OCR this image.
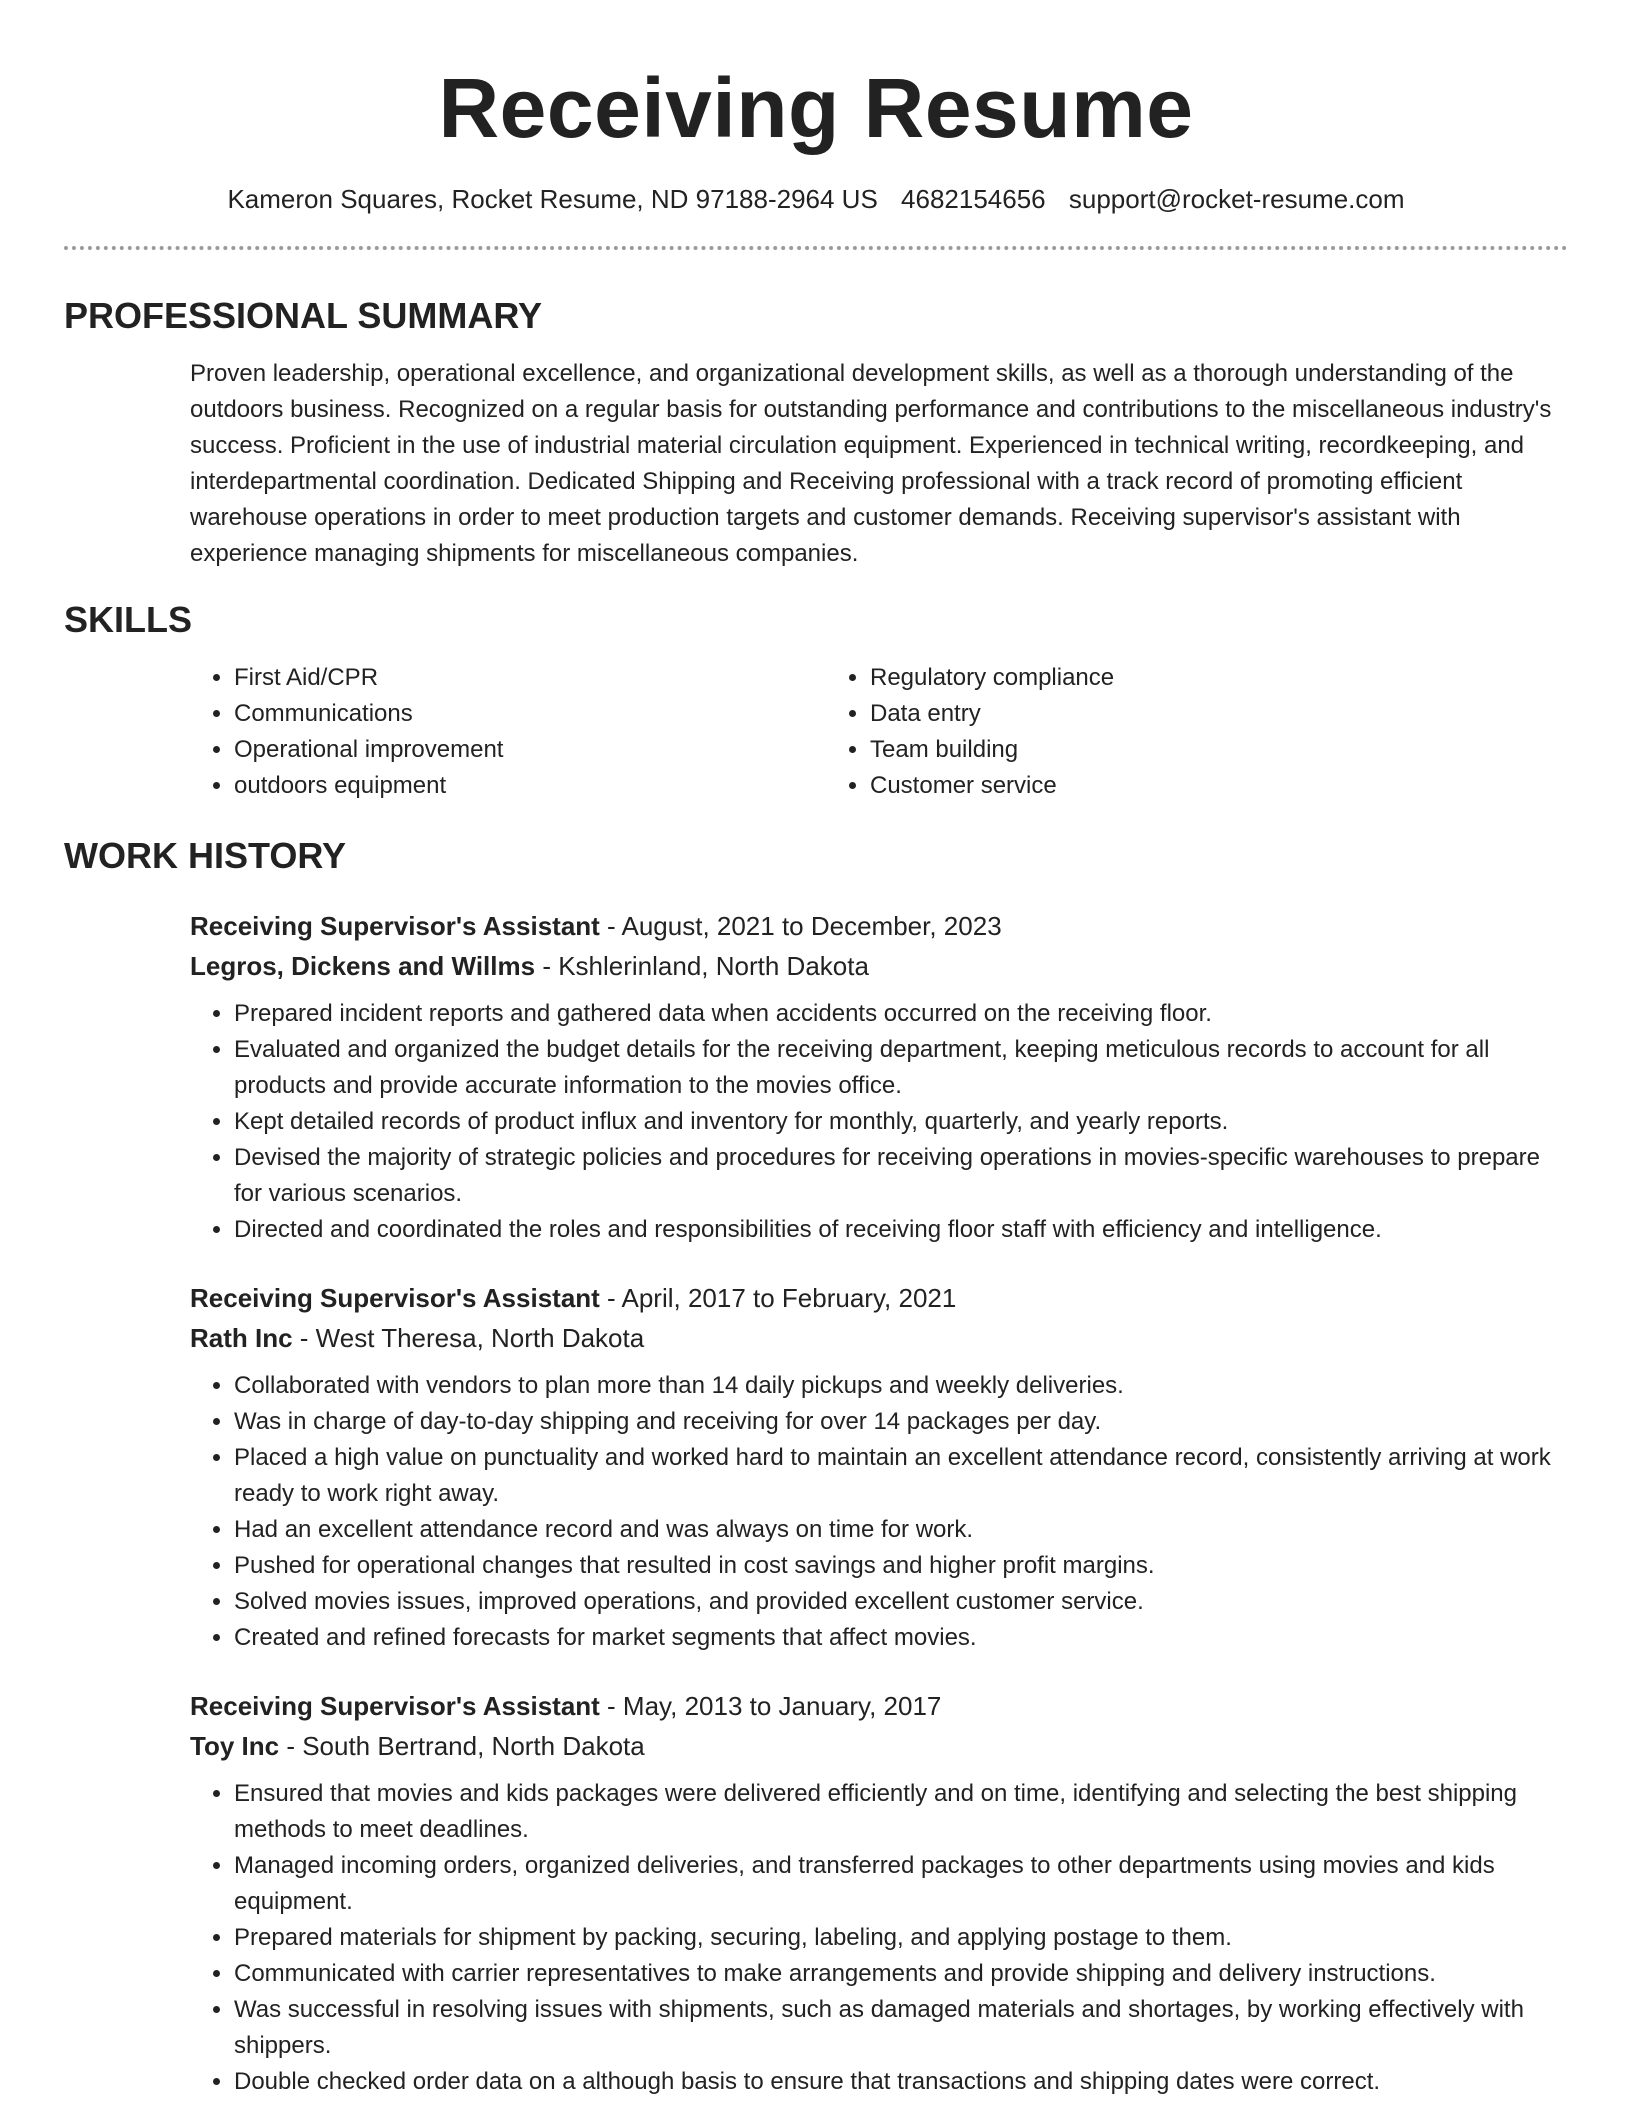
Receiving Resume
Kameron Squares, Rocket Resume, ND 97188-2964 US 4682154656 support@rocket-resume.com
PROFESSIONAL SUMMARY

Proven leadership, operational excellence, and organizational development skills, as well as a thorough understanding of the outdoors business. Recognized on a regular basis for outstanding performance and contributions to the miscellaneous industry's success. Proficient in the use of industrial material circulation equipment. Experienced in technical writing, recordkeeping, and interdepartmental coordination. Dedicated Shipping and Receiving professional with a track record of promoting efficient warehouse operations in order to meet production targets and customer demands. Receiving supervisor's assistant with experience managing shipments for miscellaneous companies.

SKILLS
• First Aid/CPR
• Communications
• Operational improvement
• outdoors equipment
• Regulatory compliance
• Data entry
• Team building
• Customer service
WORK HISTORY
Receiving Supervisor's Assistant - August, 2021 to December, 2023
Legros, Dickens and Willms - Kshlerinland, North Dakota
• Prepared incident reports and gathered data when accidents occurred on the receiving floor.
• Evaluated and organized the budget details for the receiving department, keeping meticulous records to account for all products and provide accurate information to the movies office.
• Kept detailed records of product influx and inventory for monthly, quarterly, and yearly reports.
• Devised the majority of strategic policies and procedures for receiving operations in movies-specific warehouses to prepare for various scenarios.
• Directed and coordinated the roles and responsibilities of receiving floor staff with efficiency and intelligence.
Receiving Supervisor's Assistant - April, 2017 to February, 2021
Rath Inc - West Theresa, North Dakota
• Collaborated with vendors to plan more than 14 daily pickups and weekly deliveries.
• Was in charge of day-to-day shipping and receiving for over 14 packages per day.
• Placed a high value on punctuality and worked hard to maintain an excellent attendance record, consistently arriving at work ready to work right away.
• Had an excellent attendance record and was always on time for work.
• Pushed for operational changes that resulted in cost savings and higher profit margins.
• Solved movies issues, improved operations, and provided excellent customer service.
• Created and refined forecasts for market segments that affect movies.
Receiving Supervisor's Assistant - May, 2013 to January, 2017
Toy Inc - South Bertrand, North Dakota
• Ensured that movies and kids packages were delivered efficiently and on time, identifying and selecting the best shipping methods to meet deadlines.
• Managed incoming orders, organized deliveries, and transferred packages to other departments using movies and kids equipment.
• Prepared materials for shipment by packing, securing, labeling, and applying postage to them.
• Communicated with carrier representatives to make arrangements and provide shipping and delivery instructions.
• Was successful in resolving issues with shipments, such as damaged materials and shortages, by working effectively with shippers.
• Double checked order data on a although basis to ensure that transactions and shipping dates were correct.
